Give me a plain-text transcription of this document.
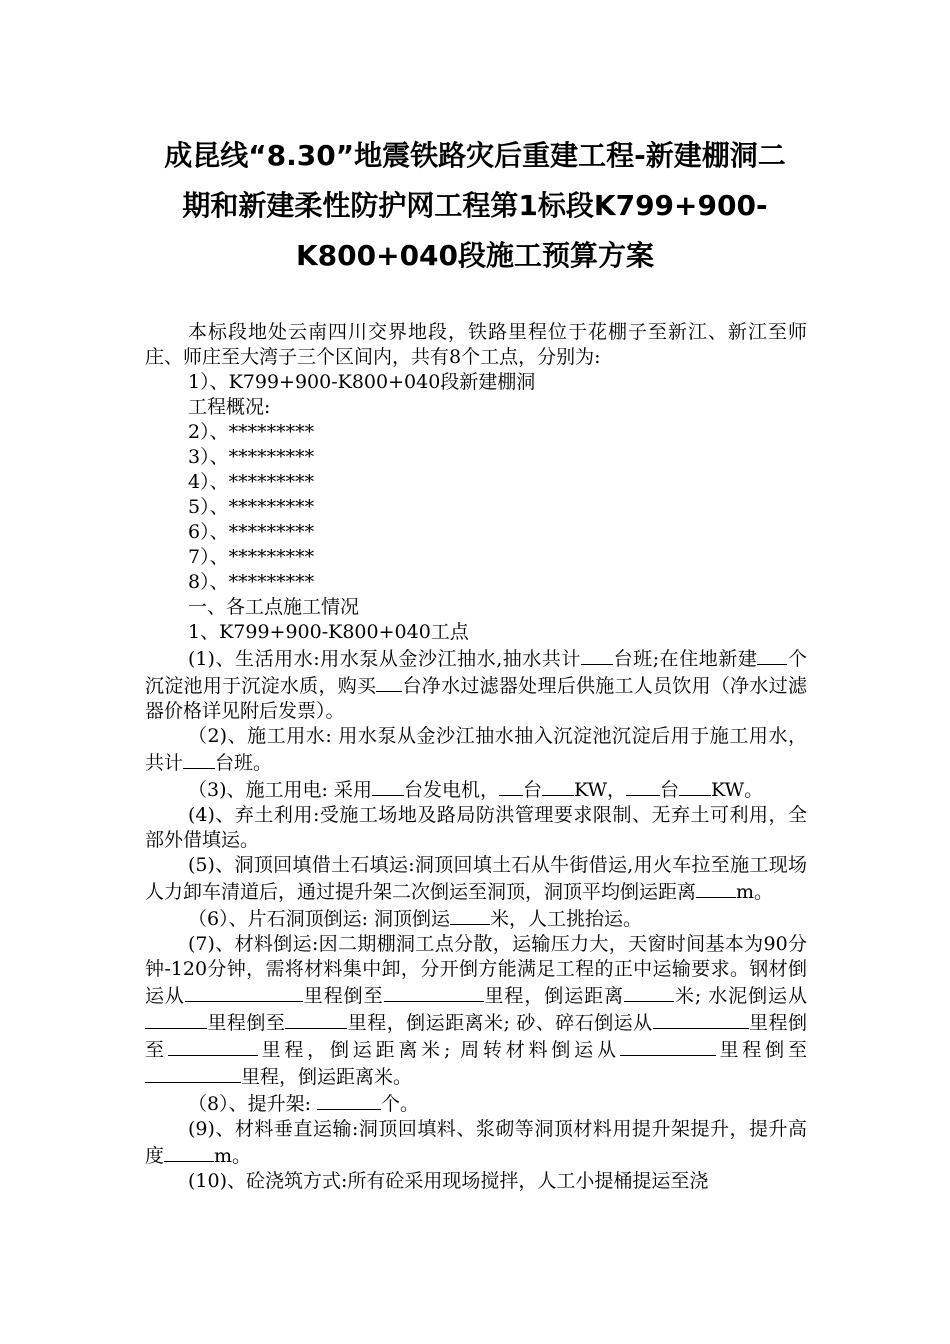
成昆线“8.30”地震铁路灾后重建工程-新建棚洞二
期和新建柔性防护网工程第1标段K799+900-
K800+040段施工预算方案

本标段地处云南四川交界地段，铁路里程位于花棚子至新江、新江至师庄、师庄至大湾子三个区间内，共有8个工点，分别为:

1）、K799+900-K800+040段新建棚洞

工程概况:

2）、*********

3）、*********

4）、*********

5）、*********

6）、*********

7）、*********

8）、*********

一、各工点施工情况

1、K799+900-K800+040工点

(1)、生活用水:用水泵从金沙江抽水,抽水共计 台班;在住地新建 个沉淀池用于沉淀水质，购买 台净水过滤器处理后供施工人员饮用（净水过滤器价格详见附后发票）。

（2)、施工用水: 用水泵从金沙江抽水抽入沉淀池沉淀后用于施工用水，共计 台班。

（3)、施工用电: 采用 台发电机， 台 KW， 台 KW。

(4)、弃土利用:受施工场地及路局防洪管理要求限制、无弃土可利用，全部外借填运。

(5)、洞顶回填借土石填运:洞顶回填土石从牛街借运,用火车拉至施工现场人力卸车清道后，通过提升架二次倒运至洞顶，洞顶平均倒运距离 m。

（6）、片石洞顶倒运: 洞顶倒运 米，人工挑抬运。

(7)、材料倒运:因二期棚洞工点分散，运输压力大，天窗时间基本为90分钟-120分钟，需将材料集中卸，分开倒方能满足工程的正中运输要求。钢材倒运从	里程倒至	里程，倒运距离	米; 水泥倒运从里程倒至	里程，倒运距离米; 砂、碎石倒运从	里程倒至	里程，倒运距离米; 周转材料倒运从	里程倒至里程，倒运距离米。

（8）、提升架:	个。

(9)、材料垂直运输:洞顶回填料、浆砌等洞顶材料用提升架提升，提升高度	m。

(10)、砼浇筑方式:所有砼采用现场搅拌，人工小提桶提运至浇
